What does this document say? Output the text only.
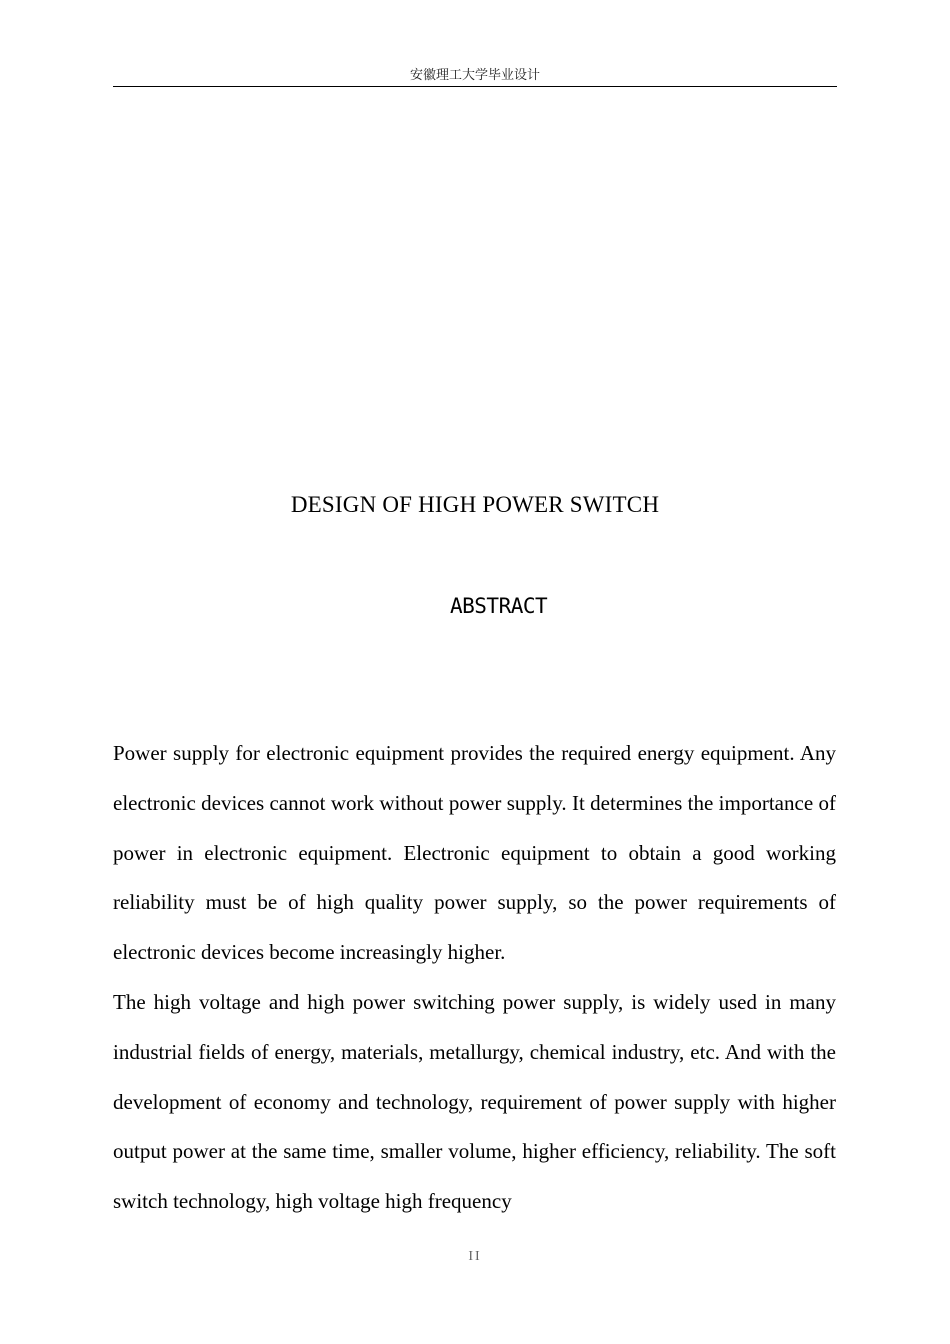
安徽理工大学毕业设计
DESIGN OF HIGH POWER SWITCH
ABSTRACT

Power supply for electronic equipment provides the required energy equipment. Any electronic devices cannot work without power supply. It determines the importance of power in electronic equipment. Electronic equipment to obtain a good working reliability must be of high quality power supply, so the power requirements of electronic devices become increasingly higher.

The high voltage and high power switching power supply, is widely used in many industrial fields of energy, materials, metallurgy, chemical industry, etc. And with the development of economy and technology, requirement of power supply with higher output power at the same time, smaller volume, higher efficiency, reliability. The soft switch technology, high voltage high frequency

II
